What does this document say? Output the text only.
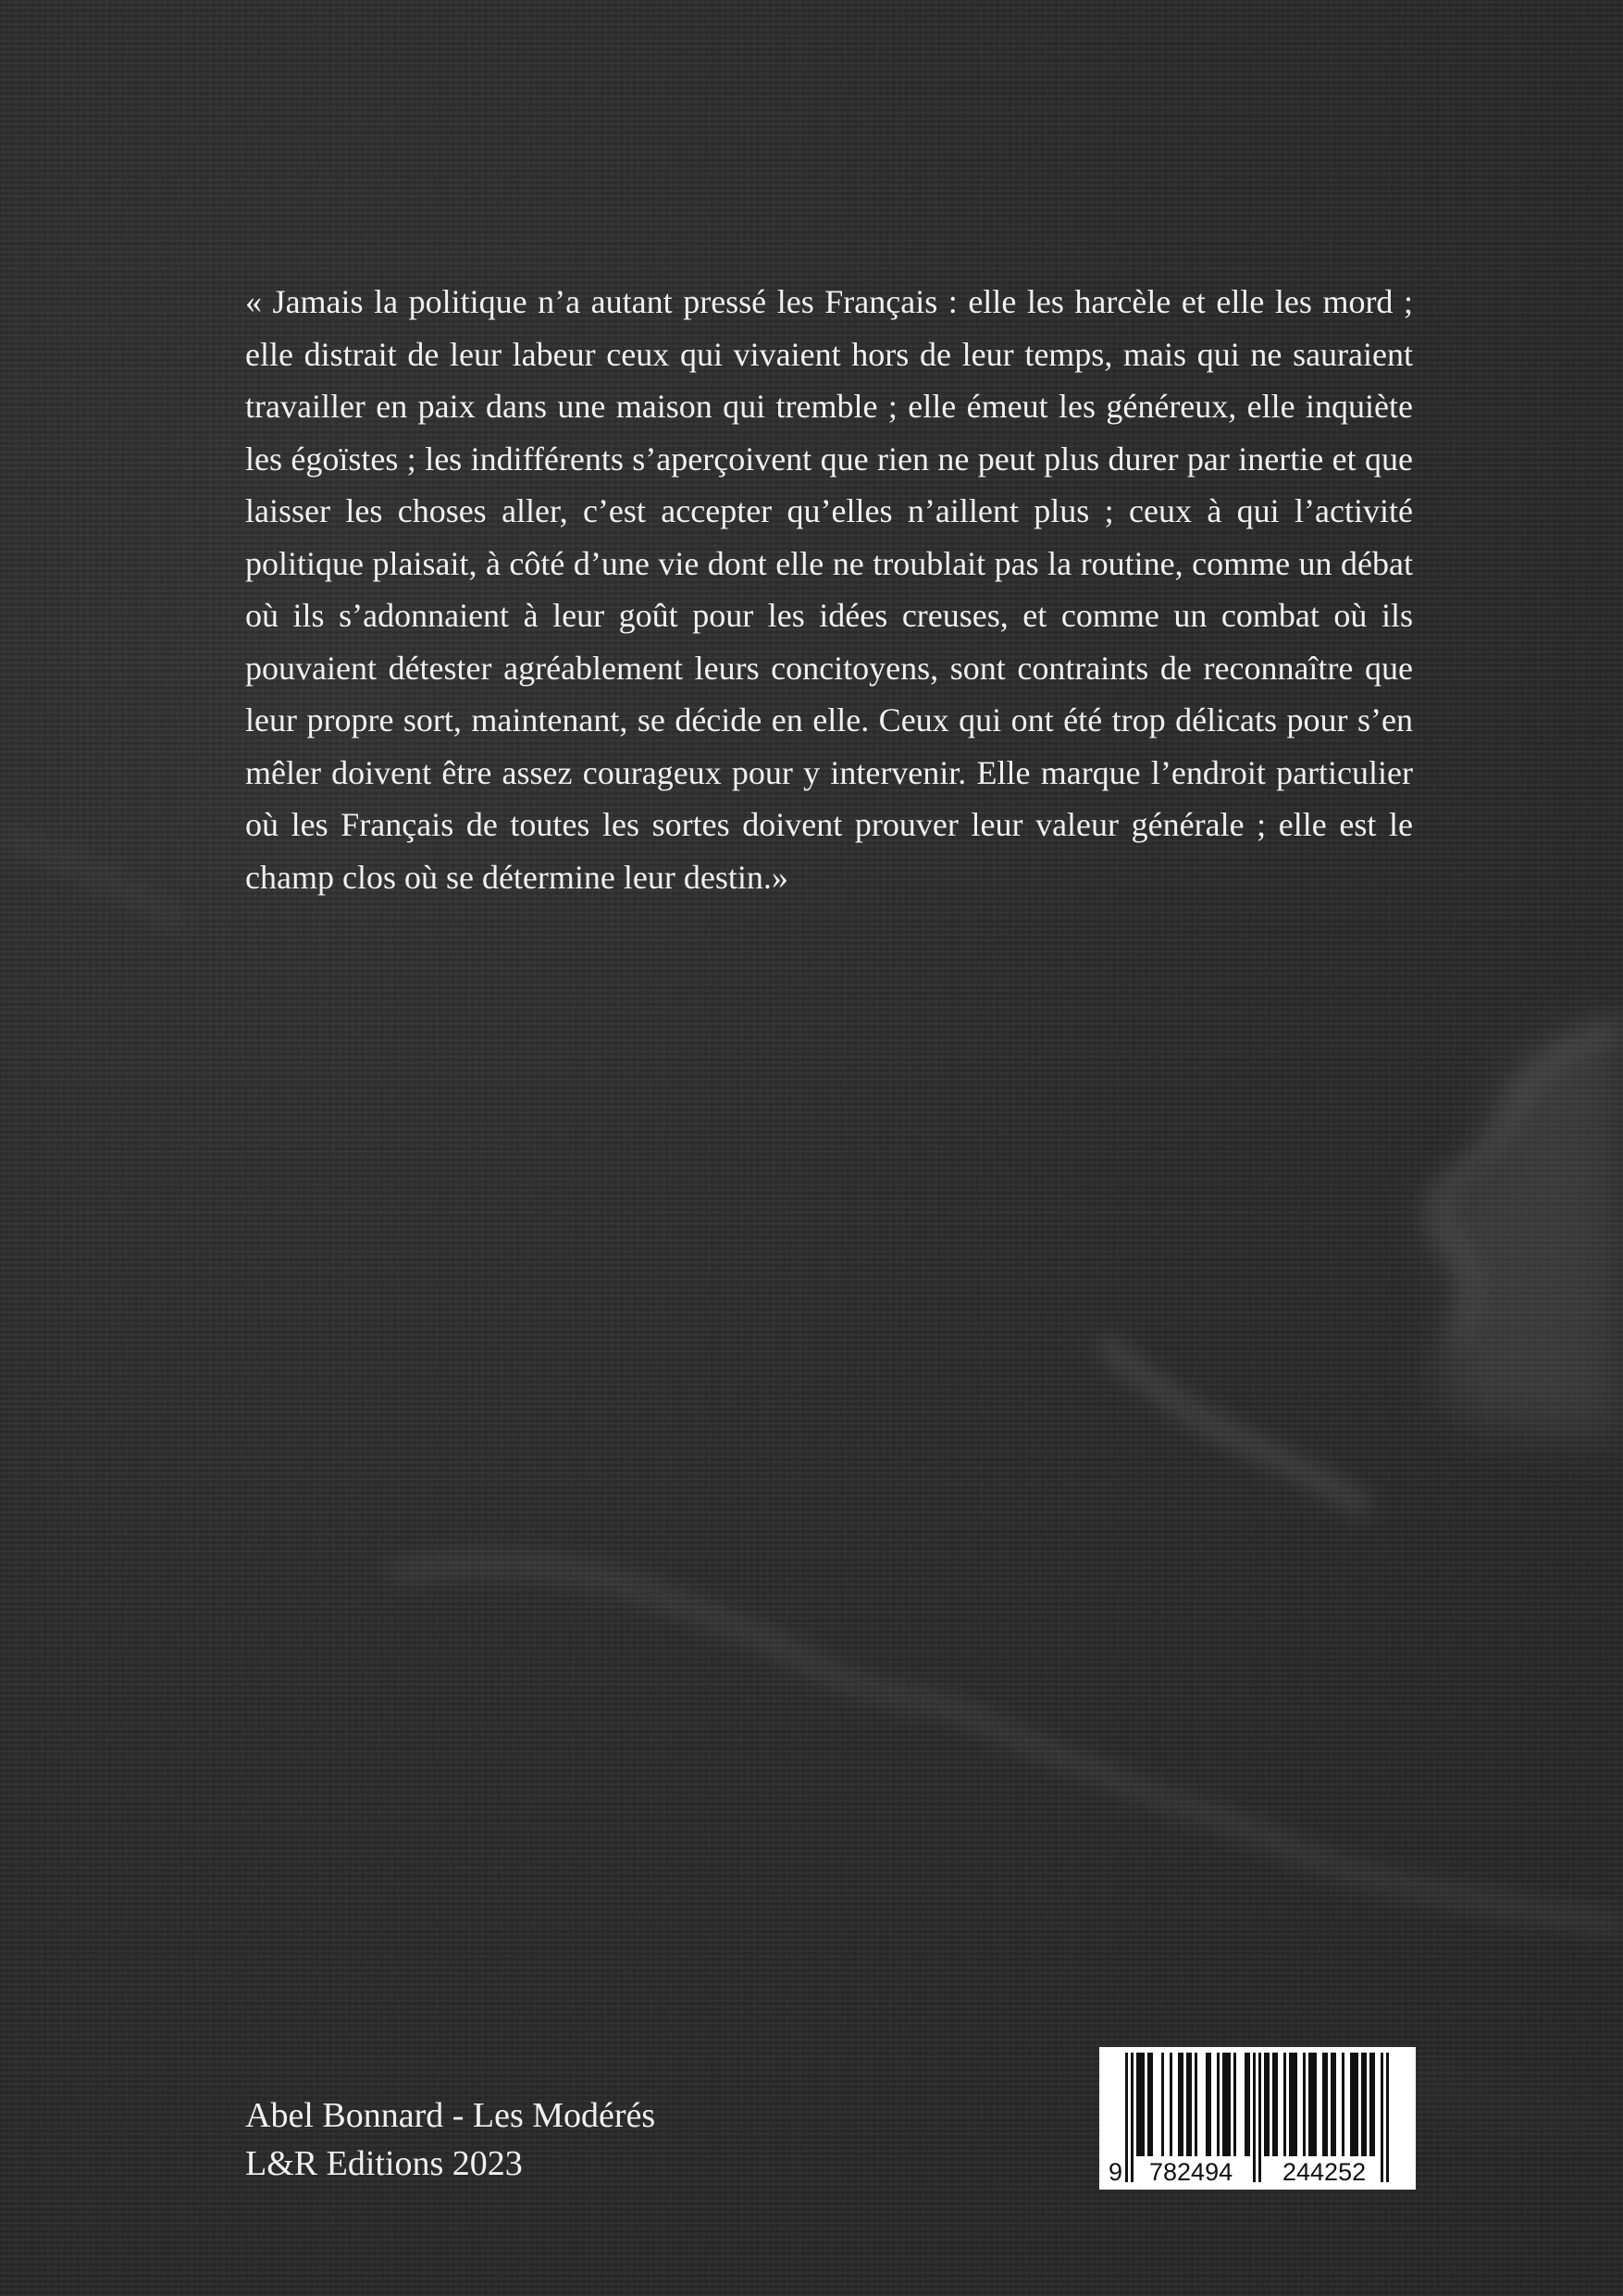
« Jamais la politique n’a autant pressé les Français : elle les harcèle et elle les mord ; elle distrait de leur labeur ceux qui vivaient hors de leur temps, mais qui ne sauraient travailler en paix dans une maison qui tremble ; elle émeut les généreux, elle inquiète les égoïstes ; les indifférents s’aperçoivent que rien ne peut plus durer par inertie et que laisser les choses aller, c’est accepter qu’elles n’aillent plus ; ceux à qui l’activité politique plaisait, à côté d’une vie dont elle ne troublait pas la routine, comme un débat où ils s’adonnaient à leur goût pour les idées creuses, et comme un combat où ils pouvaient détester agréablement leurs concitoyens, sont contraints de reconnaître que leur propre sort, maintenant, se décide en elle. Ceux qui ont été trop délicats pour s’en mêler doivent être assez courageux pour y intervenir. Elle marque l’endroit particulier où les Français de toutes les sortes doivent prouver leur valeur générale ; elle est le champ clos où se détermine leur destin.»

Abel Bonnard - Les Modérés
L&R Editions 2023	9 782494 244252
